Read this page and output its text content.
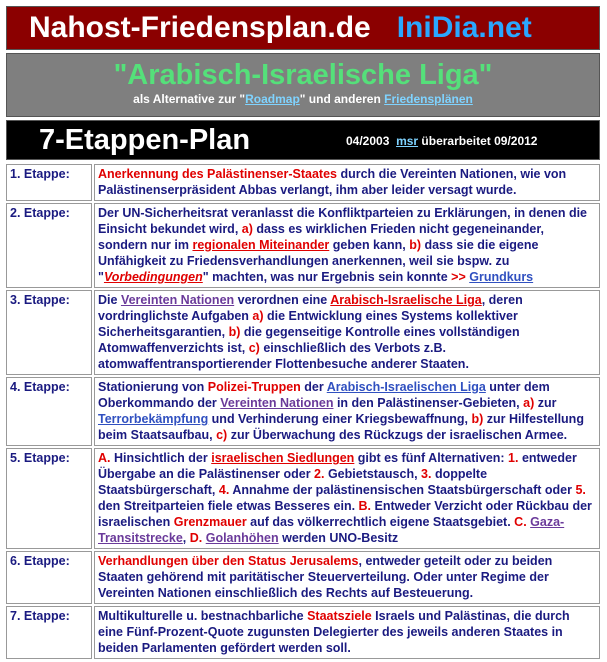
Nahost-Friedensplan.de IniDia.net
"Arabisch-Israelische Liga"
als Alternative zur "Roadmap" und anderen Friedensplänen
7-Etappen-Plan	04/2003 msr überarbeitet 09/2012
1. Etappe:	Anerkennung des Palästinenser-Staates durch die Vereinten Nationen, wie von Palästinenserpräsident Abbas verlangt, ihm aber leider versagt wurde.
2. Etappe:	Der UN-Sicherheitsrat veranlasst die Konfliktparteien zu Erklärungen, in denen die Einsicht bekundet wird, a) dass es wirklichen Frieden nicht gegeneinander, sondern nur im regionalen Miteinander geben kann, b) dass sie die eigene Unfähigkeit zu Friedensverhandlungen anerkennen, weil sie bspw. zu "Vorbedingungen" machten, was nur Ergebnis sein konnte >> Grundkurs
3. Etappe:	Die Vereinten Nationen verordnen eine Arabisch-Israelische Liga, deren vordringlichste Aufgaben a) die Entwicklung eines Systems kollektiver Sicherheitsgarantien, b) die gegenseitige Kontrolle eines vollständigen Atomwaffenverzichts ist, c) einschließlich des Verbots z.B. atomwaffentransportierender Flottenbesuche anderer Staaten.
4. Etappe:	Stationierung von Polizei-Truppen der Arabisch-Israelischen Liga unter dem Oberkommando der Vereinten Nationen in den Palästinenser-Gebieten, a) zur Terrorbekämpfung und Verhinderung einer Kriegsbewaffnung, b) zur Hilfestellung beim Staatsaufbau, c) zur Überwachung des Rückzugs der israelischen Armee.
5. Etappe:	A. Hinsichtlich der israelischen Siedlungen gibt es fünf Alternativen: 1. entweder Übergabe an die Palästinenser oder 2. Gebietstausch, 3. doppelte Staatsbürgerschaft, 4. Annahme der palästinensischen Staatsbürgerschaft oder 5. den Streitparteien fiele etwas Besseres ein. B. Entweder Verzicht oder Rückbau der israelischen Grenzmauer auf das völkerrechtlich eigene Staatsgebiet. C. Gaza-Transitstrecke, D. Golanhöhen werden UNO-Besitz
6. Etappe:	Verhandlungen über den Status Jerusalems, entweder geteilt oder zu beiden Staaten gehörend mit paritätischer Steuerverteilung. Oder unter Regime der Vereinten Nationen einschließlich des Rechts auf Besteuerung.
7. Etappe:	Multikulturelle u. bestnachbarliche Staatsziele Israels und Palästinas, die durch eine Fünf-Prozent-Quote zugunsten Delegierter des jeweils anderen Staates in beiden Parlamenten gefördert werden soll.
